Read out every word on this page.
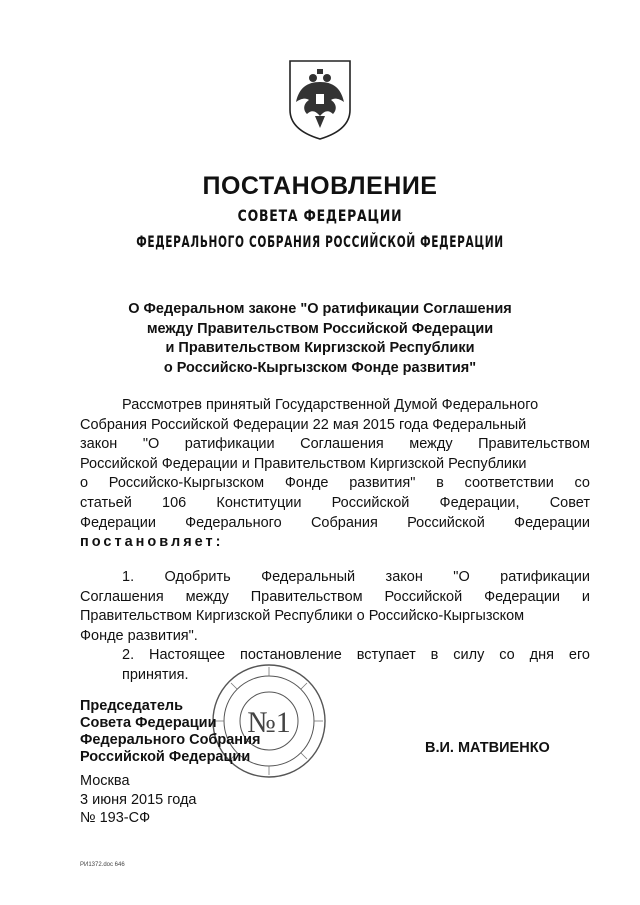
ПОСТАНОВЛЕНИЕ
СОВЕТА ФЕДЕРАЦИИ
ФЕДЕРАЛЬНОГО СОБРАНИЯ РОССИЙСКОЙ ФЕДЕРАЦИИ
О Федеральном законе "О ратификации Соглашения
между Правительством Российской Федерации
и Правительством Киргизской Республики
о Российско-Кыргызском Фонде развития"
Рассмотрев принятый Государственной Думой Федерального
Собрания Российской Федерации 22 мая 2015 года Федеральный
закон "О ратификации Соглашения между Правительством
Российской Федерации и Правительством Киргизской Республики
о Российско-Кыргызском Фонде развития" в соответствии со
статьей 106 Конституции Российской Федерации, Совет
Федерации Федерального Собрания Российской Федерации
постановляет:
1. Одобрить Федеральный закон "О ратификации
Соглашения между Правительством Российской Федерации и
Правительством Киргизской Республики о Российско-Кыргызском
Фонде развития".
2. Настоящее постановление вступает в силу со дня его
принятия.
№1
Председатель
Совета Федерации
Федерального Собрания
Российской Федерации
В.И. МАТВИЕНКО
Москва
3 июня 2015 года
№ 193-СФ
РИ1372.doc 646
